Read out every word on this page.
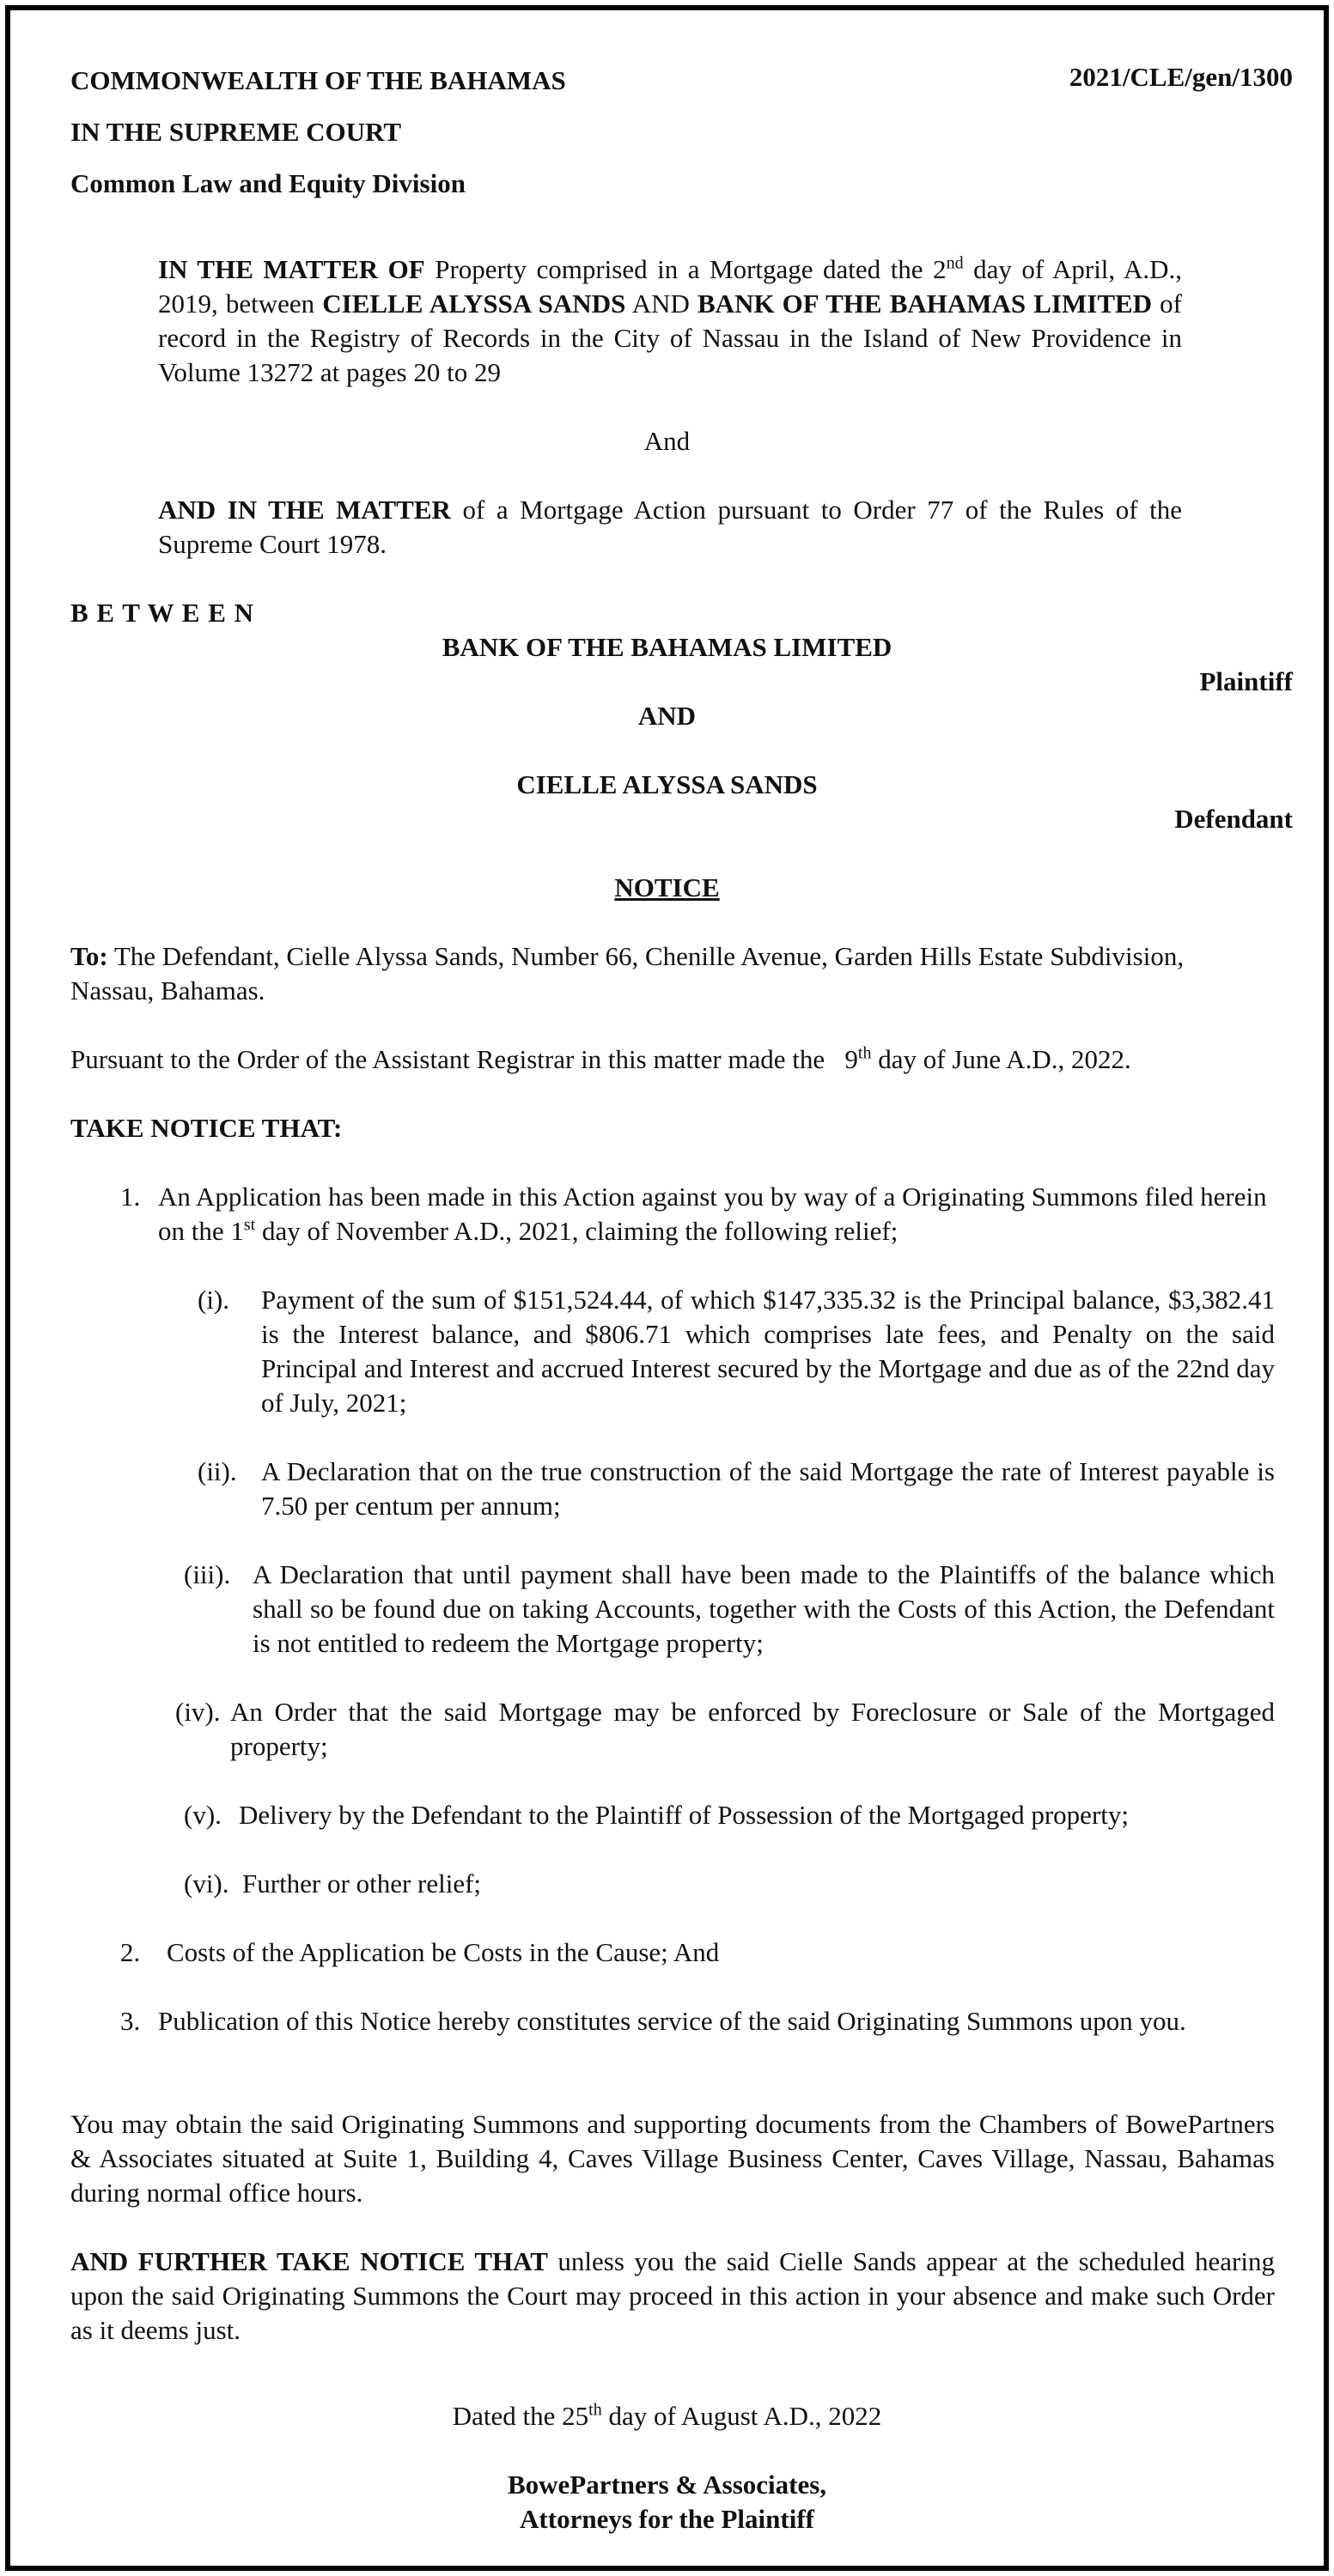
COMMONWEALTH OF THE BAHAMAS	2021/CLE/gen/1300
IN THE SUPREME COURT
Common Law and Equity Division
IN THE MATTER OF Property comprised in a Mortgage dated the 2nd day of April, A.D., 2019, between CIELLE ALYSSA SANDS AND BANK OF THE BAHAMAS LIMITED of record in the Registry of Records in the City of Nassau in the Island of New Providence in Volume 13272 at pages 20 to 29
And
AND IN THE MATTER of a Mortgage Action pursuant to Order 77 of the Rules of the Supreme Court 1978.
B E T W E E N
BANK OF THE BAHAMAS LIMITED
Plaintiff
AND
CIELLE ALYSSA SANDS
Defendant
NOTICE
To: The Defendant, Cielle Alyssa Sands, Number 66, Chenille Avenue, Garden Hills Estate Subdivision, Nassau, Bahamas.
Pursuant to the Order of the Assistant Registrar in this matter made the   9th day of June A.D., 2022.
TAKE NOTICE THAT:
1. An Application has been made in this Action against you by way of a Originating Summons filed herein on the 1st day of November A.D., 2021, claiming the following relief;
(i). Payment of the sum of $151,524.44, of which $147,335.32 is the Principal balance, $3,382.41 is the Interest balance, and $806.71 which comprises late fees, and Penalty on the said Principal and Interest and accrued Interest secured by the Mortgage and due as of the 22nd day of July, 2021;
(ii). A Declaration that on the true construction of the said Mortgage the rate of Interest payable is 7.50 per centum per annum;
(iii). A Declaration that until payment shall have been made to the Plaintiffs of the balance which shall so be found due on taking Accounts, together with the Costs of this Action, the Defendant is not entitled to redeem the Mortgage property;
(iv). An Order that the said Mortgage may be enforced by Foreclosure or Sale of the Mortgaged property;
(v). Delivery by the Defendant to the Plaintiff of Possession of the Mortgaged property;
(vi). Further or other relief;
2. Costs of the Application be Costs in the Cause; And
3. Publication of this Notice hereby constitutes service of the said Originating Summons upon you.
You may obtain the said Originating Summons and supporting documents from the Chambers of BowePartners & Associates situated at Suite 1, Building 4, Caves Village Business Center, Caves Village, Nassau, Bahamas during normal office hours.
AND FURTHER TAKE NOTICE THAT unless you the said Cielle Sands appear at the scheduled hearing upon the said Originating Summons the Court may proceed in this action in your absence and make such Order as it deems just.
Dated the 25th day of August A.D., 2022
BowePartners & Associates,
Attorneys for the Plaintiff
